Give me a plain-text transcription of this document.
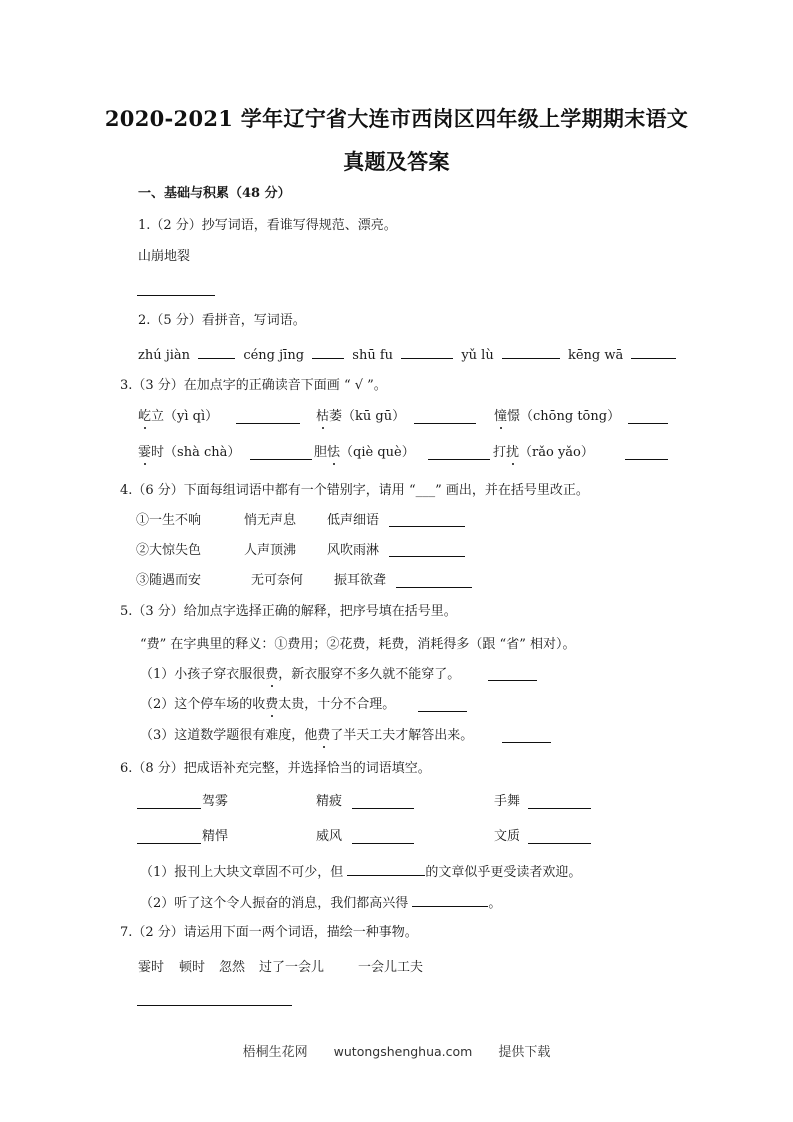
2020-2021 学年辽宁省大连市西岗区四年级上学期期末语文
真题及答案
一、基础与积累（48 分）
1.（2 分）抄写词语，看谁写得规范、漂亮。
山崩地裂
2.（5 分）看拼音，写词语。
zhú jiàn	céng jīng	shū fu	yǔ lù	kēng wā
3.（3 分）在加点字的正确读音下面画 “ √ ”。
屹立（yì qì）	枯萎（kū gū）	憧憬（chōng tōng）
霎时（shà chà）	胆怯（qiè què）	打扰（rǎo yǎo）
4.（6 分）下面每组词语中都有一个错别字，请用 “___” 画出，并在括号里改正。
①一生不响	悄无声息 低声细语
②大惊失色	人声顶沸 风吹雨淋
③随遇而安	无可奈何 振耳欲聋
5.（3 分）给加点字选择正确的解释，把序号填在括号里。
“费” 在字典里的释义：①费用；②花费，耗费，消耗得多（跟 “省” 相对）。
（1）小孩子穿衣服很费，新衣服穿不多久就不能穿了。
（2）这个停车场的收费太贵，十分不合理。
（3）这道数学题很有难度，他费了半天工夫才解答出来。
6.（8 分）把成语补充完整，并选择恰当的词语填空。
驾雾	精疲	手舞
精悍	威风	文质
（1）报刊上大块文章固不可少，但	的文章似乎更受读者欢迎。
（2）听了这个令人振奋的消息，我们都高兴得	。
7.（2 分）请运用下面一两个词语，描绘一种事物。
霎时 顿时 忽然 过了一会儿	一会儿工夫
梧桐生花网 wutongshenghua.com 提供下载
